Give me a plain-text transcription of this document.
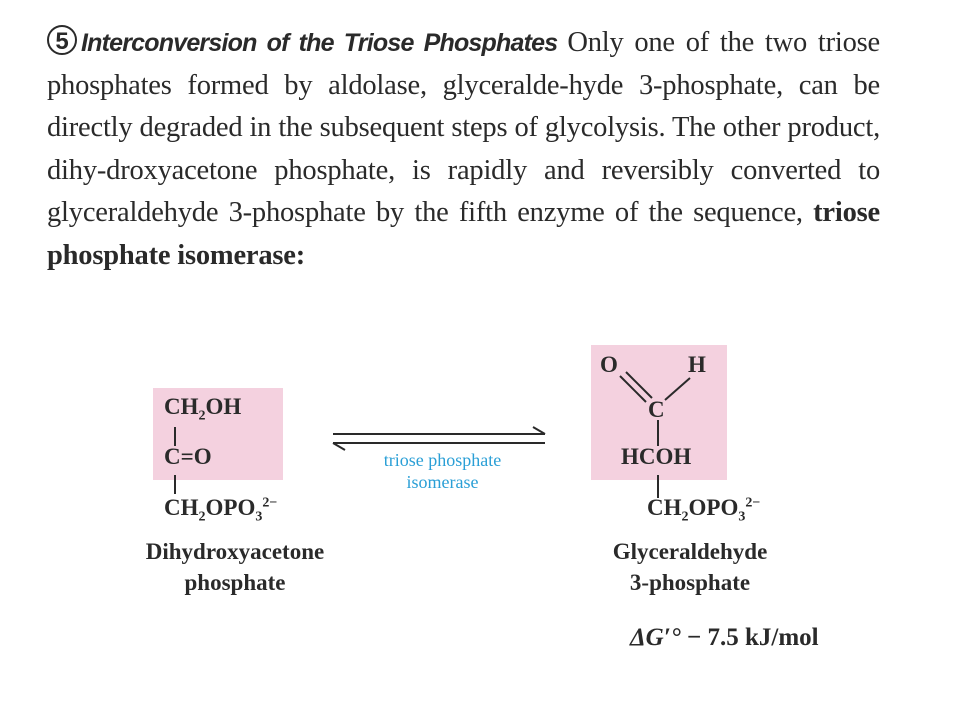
5 Interconversion of the Triose Phosphates Only one of the two triose phosphates formed by aldolase, glyceralde-hyde 3-phosphate, can be directly degraded in the subsequent steps of glycolysis. The other product, dihy-droxyacetone phosphate, is rapidly and reversibly converted to glyceraldehyde 3-phosphate by the fifth enzyme of the sequence, triose phosphate isomerase:
$CH_2OH$
C=O
$CH_2OPO_3^{2-}$
Dihydroxyacetone
phosphate
triose phosphate
isomerase
O	H
C
HCOH
$CH_2OPO_3^{2-}$
Glyceraldehyde
3-phosphate
ΔG′° − 7.5 kJ/mol
